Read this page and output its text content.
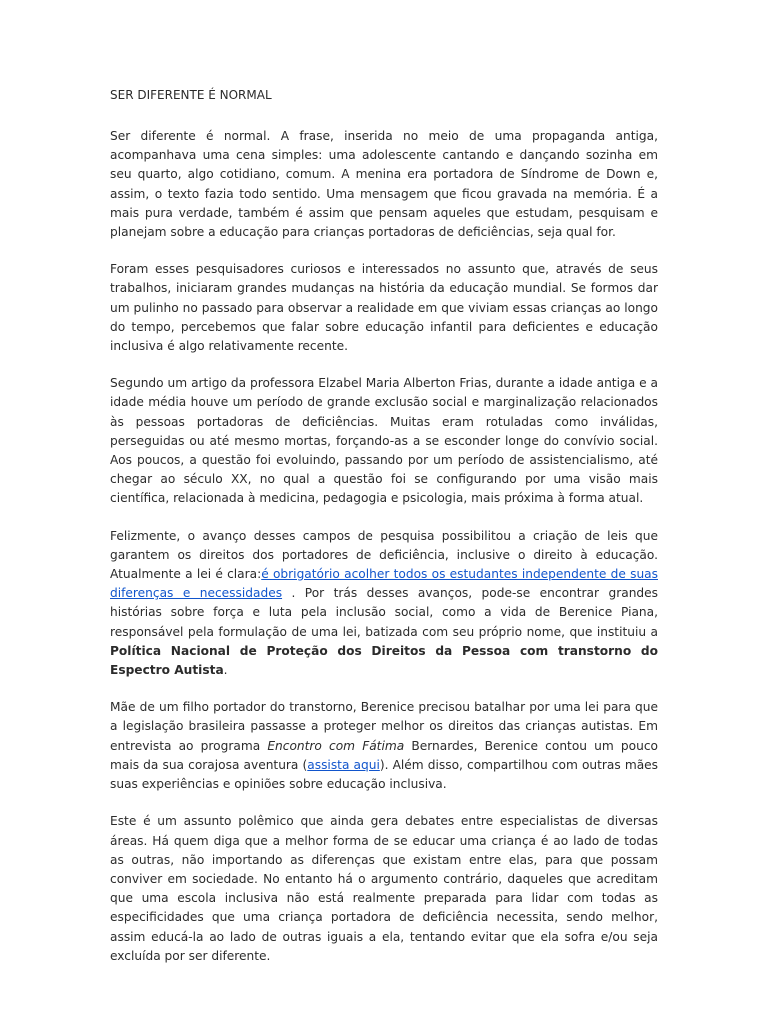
SER DIFERENTE É NORMAL

Ser diferente é normal. A frase, inserida no meio de uma propaganda antiga, acompanhava uma cena simples: uma adolescente cantando e dançando sozinha em seu quarto, algo cotidiano, comum. A menina era portadora de Síndrome de Down e, assim, o texto fazia todo sentido. Uma mensagem que ficou gravada na memória. É a mais pura verdade, também é assim que pensam aqueles que estudam, pesquisam e planejam sobre a educação para crianças portadoras de deficiências, seja qual for.

Foram esses pesquisadores curiosos e interessados no assunto que, através de seus trabalhos, iniciaram grandes mudanças na história da educação mundial. Se formos dar um pulinho no passado para observar a realidade em que viviam essas crianças ao longo do tempo, percebemos que falar sobre educação infantil para deficientes e educação inclusiva é algo relativamente recente.

Segundo um artigo da professora Elzabel Maria Alberton Frias, durante a idade antiga e a idade média houve um período de grande exclusão social e marginalização relacionados às pessoas portadoras de deficiências. Muitas eram rotuladas como inválidas, perseguidas ou até mesmo mortas, forçando-as a se esconder longe do convívio social. Aos poucos, a questão foi evoluindo, passando por um período de assistencialismo, até chegar ao século XX, no qual a questão foi se configurando por uma visão mais científica, relacionada à medicina, pedagogia e psicologia, mais próxima à forma atual.

Felizmente, o avanço desses campos de pesquisa possibilitou a criação de leis que garantem os direitos dos portadores de deficiência, inclusive o direito à educação. Atualmente a lei é clara:é obrigatório acolher todos os estudantes independente de suas diferenças e necessidades . Por trás desses avanços, pode-se encontrar grandes histórias sobre força e luta pela inclusão social, como a vida de Berenice Piana, responsável pela formulação de uma lei, batizada com seu próprio nome, que instituiu a Política Nacional de Proteção dos Direitos da Pessoa com transtorno do Espectro Autista.

Mãe de um filho portador do transtorno, Berenice precisou batalhar por uma lei para que a legislação brasileira passasse a proteger melhor os direitos das crianças autistas. Em entrevista ao programa Encontro com Fátima Bernardes, Berenice contou um pouco mais da sua corajosa aventura (assista aqui). Além disso, compartilhou com outras mães suas experiências e opiniões sobre educação inclusiva.

Este é um assunto polêmico que ainda gera debates entre especialistas de diversas áreas. Há quem diga que a melhor forma de se educar uma criança é ao lado de todas as outras, não importando as diferenças que existam entre elas, para que possam conviver em sociedade. No entanto há o argumento contrário, daqueles que acreditam que uma escola inclusiva não está realmente preparada para lidar com todas as especificidades que uma criança portadora de deficiência necessita, sendo melhor, assim educá-la ao lado de outras iguais a ela, tentando evitar que ela sofra e/ou seja excluída por ser diferente.
